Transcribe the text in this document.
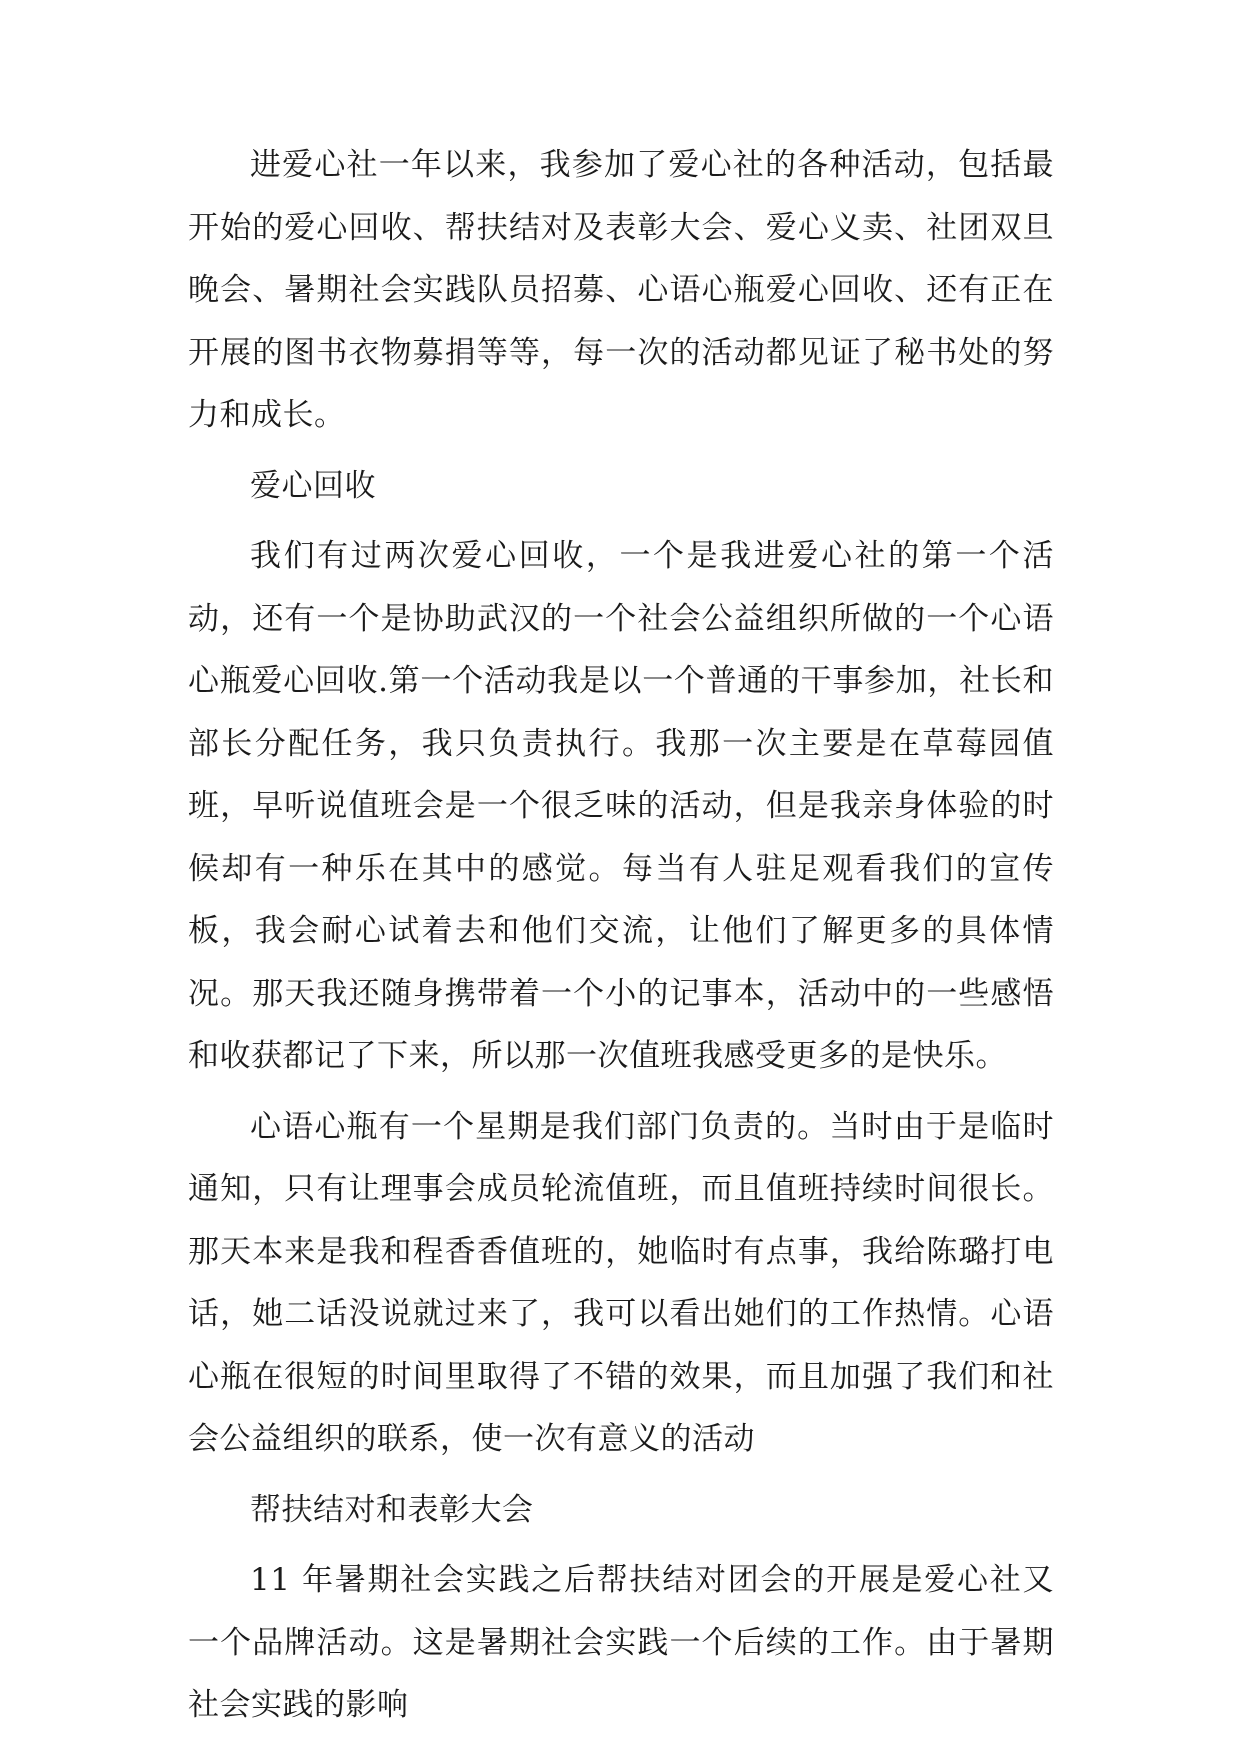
进爱心社一年以来，我参加了爱心社的各种活动，包括最开始的爱心回收、帮扶结对及表彰大会、爱心义卖、社团双旦晚会、暑期社会实践队员招募、心语心瓶爱心回收、还有正在开展的图书衣物募捐等等，每一次的活动都见证了秘书处的努力和成长。

爱心回收

我们有过两次爱心回收，一个是我进爱心社的第一个活动，还有一个是协助武汉的一个社会公益组织所做的一个心语心瓶爱心回收.第一个活动我是以一个普通的干事参加，社长和部长分配任务，我只负责执行。我那一次主要是在草莓园值班，早听说值班会是一个很乏味的活动，但是我亲身体验的时候却有一种乐在其中的感觉。每当有人驻足观看我们的宣传板，我会耐心试着去和他们交流，让他们了解更多的具体情况。那天我还随身携带着一个小的记事本，活动中的一些感悟和收获都记了下来，所以那一次值班我感受更多的是快乐。

心语心瓶有一个星期是我们部门负责的。当时由于是临时通知，只有让理事会成员轮流值班，而且值班持续时间很长。那天本来是我和程香香值班的，她临时有点事，我给陈璐打电话，她二话没说就过来了，我可以看出她们的工作热情。心语心瓶在很短的时间里取得了不错的效果，而且加强了我们和社会公益组织的联系，使一次有意义的活动

帮扶结对和表彰大会

11 年暑期社会实践之后帮扶结对团会的开展是爱心社又一个品牌活动。这是暑期社会实践一个后续的工作。由于暑期社会实践的影响
